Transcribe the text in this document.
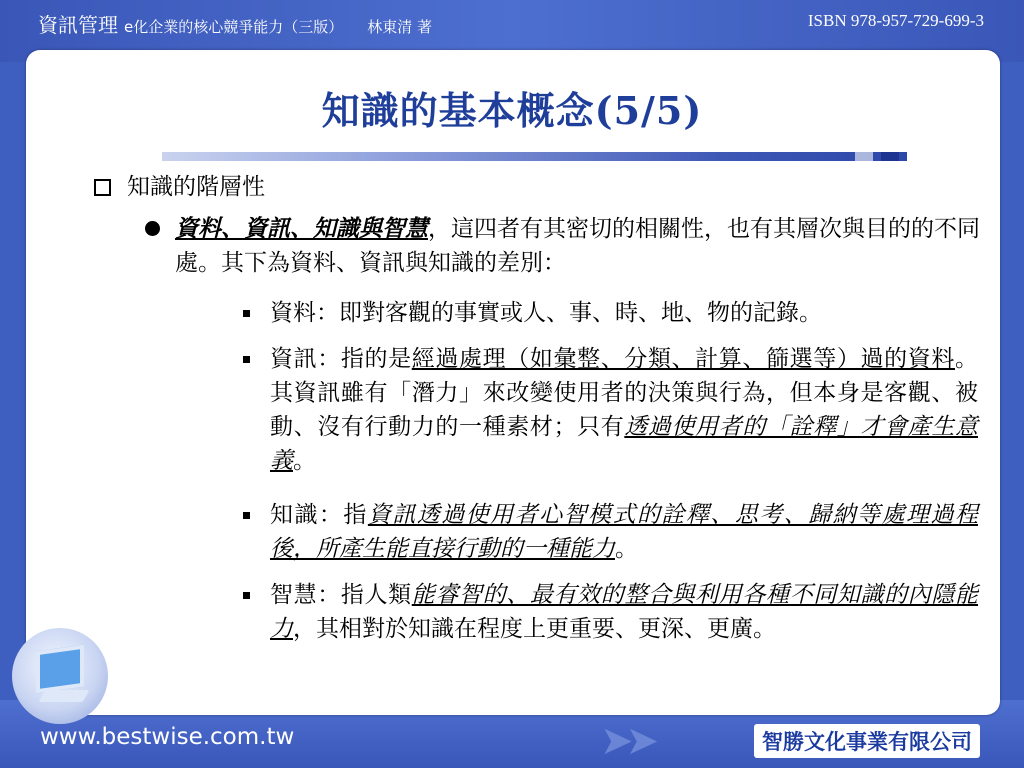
資訊管理 e化企業的核心競爭能力（三版） 林東清 著	ISBN 978-957-729-699-3
知識的基本概念(5/5)
知識的階層性
資料、資訊、知識與智慧，這四者有其密切的相關性，也有其層次與目的的不同處。其下為資料、資訊與知識的差別：
資料：即對客觀的事實或人、事、時、地、物的記錄。
資訊：指的是經過處理（如彙整、分類、計算、篩選等）過的資料。其資訊雖有「潛力」來改變使用者的決策與行為，但本身是客觀、被動、沒有行動力的一種素材；只有透過使用者的「詮釋」才會產生意義。
知識：指資訊透過使用者心智模式的詮釋、思考、歸納等處理過程後，所產生能直接行動的一種能力。
智慧：指人類能睿智的、最有效的整合與利用各種不同知識的內隱能力，其相對於知識在程度上更重要、更深、更廣。
www.bestwise.com.tw	➤➤	智勝文化事業有限公司
